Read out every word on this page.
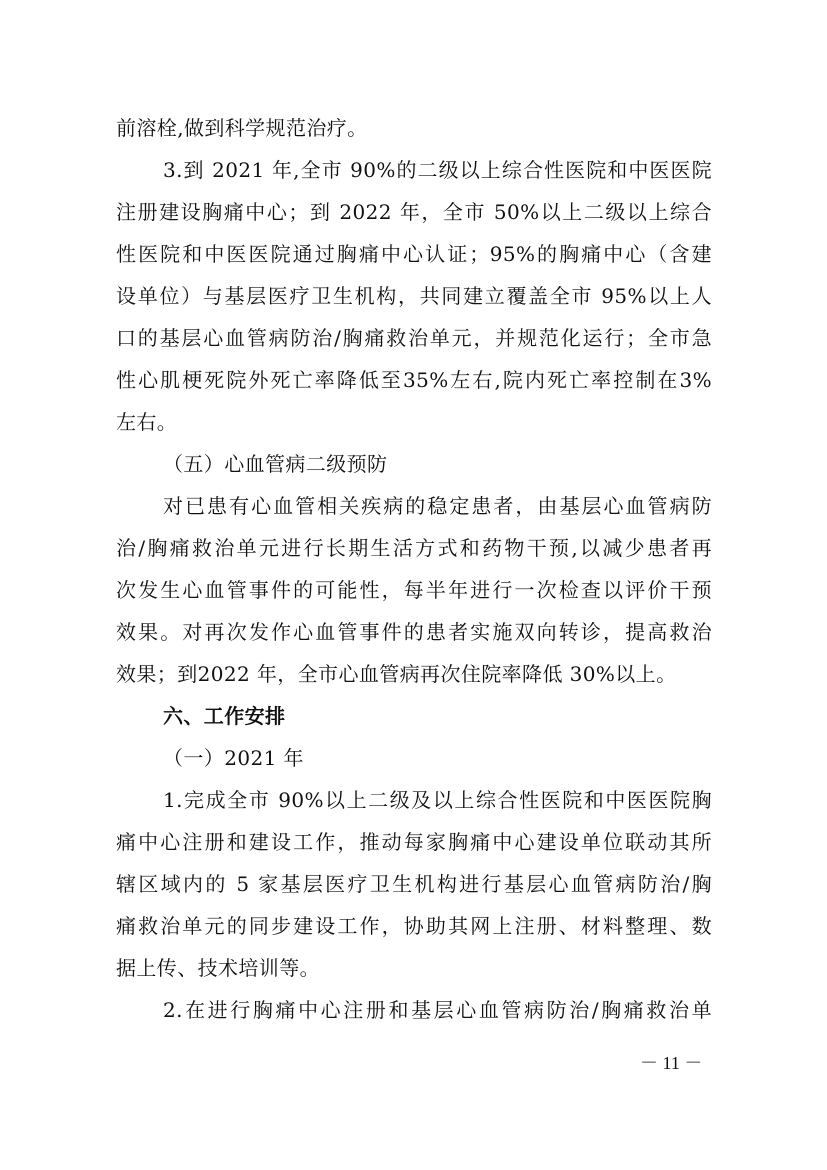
前溶栓,做到科学规范治疗。
3.到 2021 年,全市 90%的二级以上综合性医院和中医医院
注册建设胸痛中心；到 2022 年，全市 50%以上二级以上综合
性医院和中医医院通过胸痛中心认证；95%的胸痛中心（含建
设单位）与基层医疗卫生机构，共同建立覆盖全市 95%以上人
口的基层心血管病防治/胸痛救治单元，并规范化运行；全市急
性心肌梗死院外死亡率降低至35%左右,院内死亡率控制在3%
左右。
（五）心血管病二级预防
对已患有心血管相关疾病的稳定患者，由基层心血管病防
治/胸痛救治单元进行长期生活方式和药物干预,以减少患者再
次发生心血管事件的可能性，每半年进行一次检查以评价干预
效果。对再次发作心血管事件的患者实施双向转诊，提高救治
效果；到2022 年，全市心血管病再次住院率降低 30%以上。
六、工作安排
（一）2021 年
1.完成全市 90%以上二级及以上综合性医院和中医医院胸
痛中心注册和建设工作，推动每家胸痛中心建设单位联动其所
辖区域内的 5 家基层医疗卫生机构进行基层心血管病防治/胸
痛救治单元的同步建设工作，协助其网上注册、材料整理、数
据上传、技术培训等。
2.在进行胸痛中心注册和基层心血管病防治/胸痛救治单
－ 11 －
